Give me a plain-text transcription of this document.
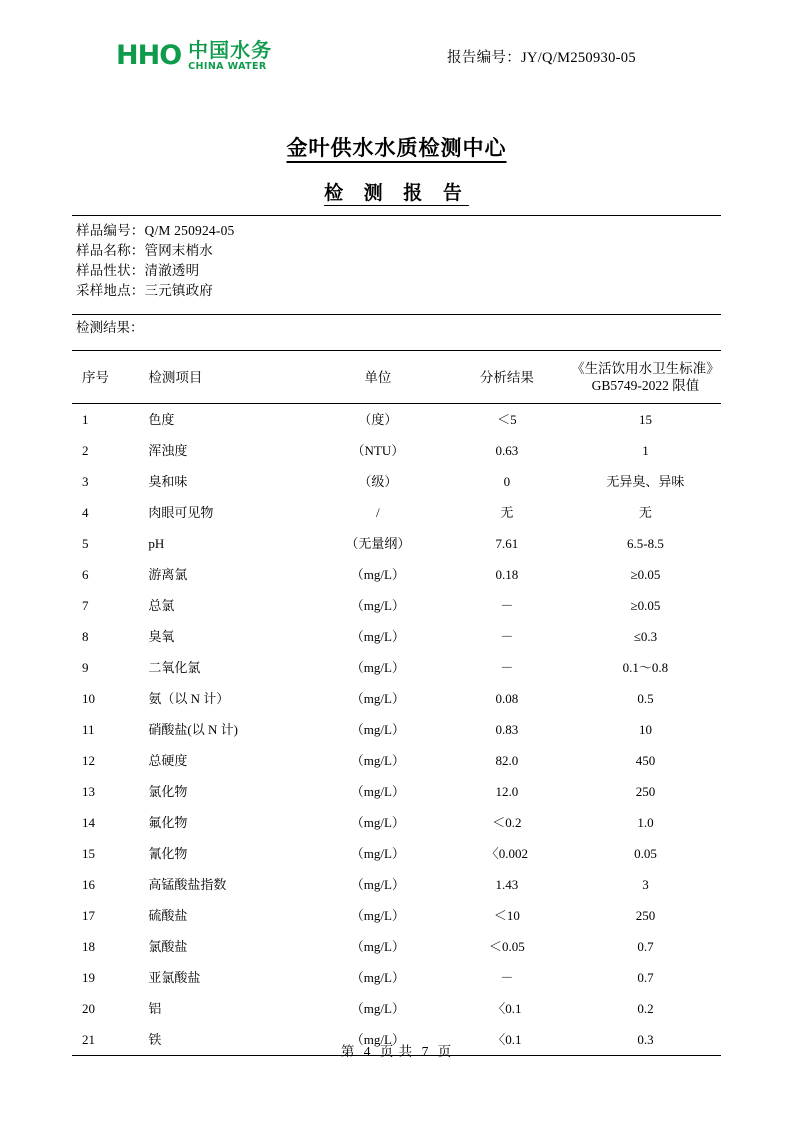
HHO 中国水务
CHINA WATER
报告编号：JY/Q/M250930-05
金叶供水水质检测中心
检 测 报 告
样品编号：Q/M 250924-05
样品名称：管网末梢水
样品性状：清澈透明
采样地点：三元镇政府
检测结果：
序号	检测项目	单位	分析结果	《生活饮用水卫生标准》
GB5749-2022 限值

1	色度	（度）	＜5	15
2	浑浊度	（NTU）	0.63	1
3	臭和味	（级）	0	无异臭、异味
4	肉眼可见物	/	无	无
5	pH	（无量纲）	7.61	6.5-8.5
6	游离氯	（mg/L）	0.18	≥0.05
7	总氯	（mg/L）	－	≥0.05
8	臭氧	（mg/L）	－	≤0.3
9	二氧化氯	（mg/L）	－	0.1～0.8
10	氨（以 N 计）	（mg/L）	0.08	0.5
11	硝酸盐(以 N 计)	（mg/L）	0.83	10
12	总硬度	（mg/L）	82.0	450
13	氯化物	（mg/L）	12.0	250
14	氟化物	（mg/L）	＜0.2	1.0
15	氰化物	（mg/L）	〈0.002	0.05
16	高锰酸盐指数	（mg/L）	1.43	3
17	硫酸盐	（mg/L）	＜10	250
18	氯酸盐	（mg/L）	＜0.05	0.7
19	亚氯酸盐	（mg/L）	－	0.7
20	铝	（mg/L）	〈0.1	0.2
21	铁	（mg/L）	〈0.1	0.3
第 4 页 共 7 页
